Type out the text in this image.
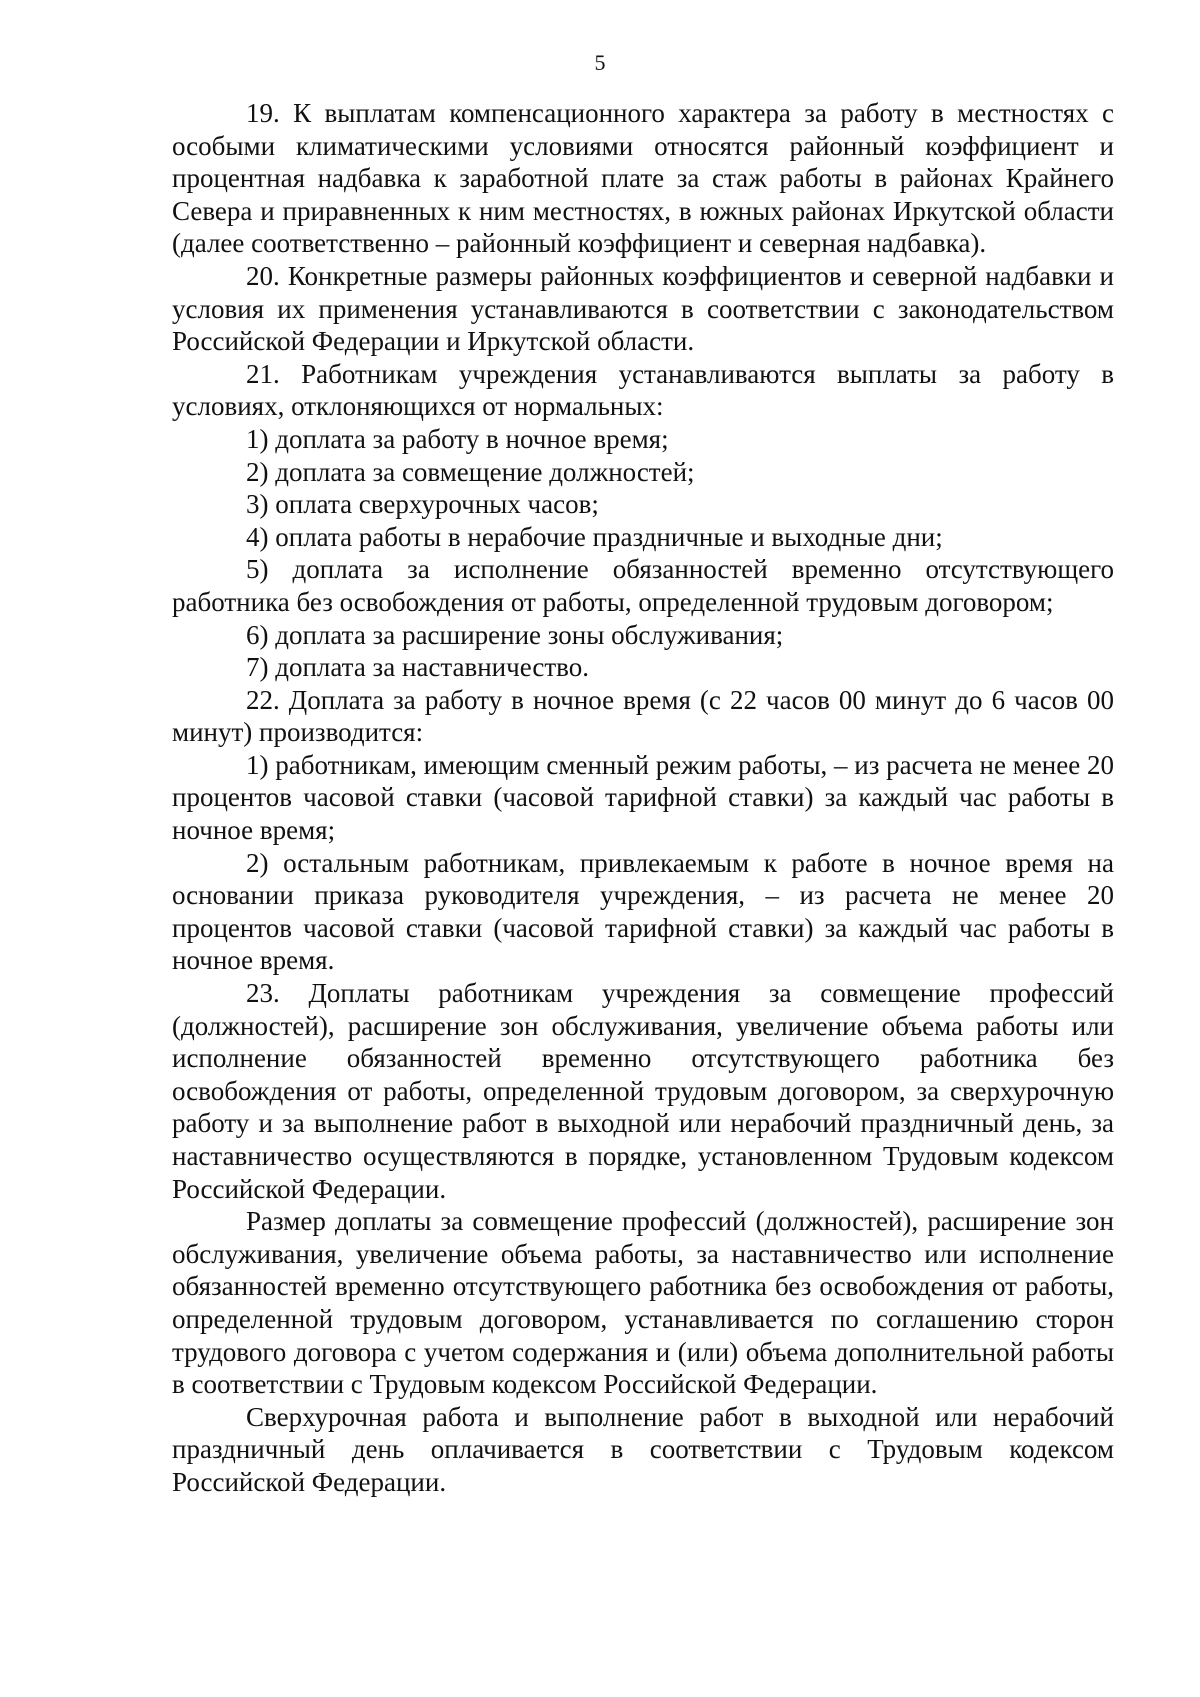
5

19. К выплатам компенсационного характера за работу в местностях с особыми климатическими условиями относятся районный коэффициент и процентная надбавка к заработной плате за стаж работы в районах Крайнего Севера и приравненных к ним местностях, в южных районах Иркутской области (далее соответственно – районный коэффициент и северная надбавка).

20. Конкретные размеры районных коэффициентов и северной надбавки и условия их применения устанавливаются в соответствии с законодательством Российской Федерации и Иркутской области.

21. Работникам учреждения устанавливаются выплаты за работу в условиях, отклоняющихся от нормальных:

1) доплата за работу в ночное время;

2) доплата за совмещение должностей;

3) оплата сверхурочных часов;

4) оплата работы в нерабочие праздничные и выходные дни;

5) доплата за исполнение обязанностей временно отсутствующего работника без освобождения от работы, определенной трудовым договором;

6) доплата за расширение зоны обслуживания;

7) доплата за наставничество.

22. Доплата за работу в ночное время (с 22 часов 00 минут до 6 часов 00 минут) производится:

1) работникам, имеющим сменный режим работы, – из расчета не менее 20 процентов часовой ставки (часовой тарифной ставки) за каждый час работы в ночное время;

2) остальным работникам, привлекаемым к работе в ночное время на основании приказа руководителя учреждения, – из расчета не менее 20 процентов часовой ставки (часовой тарифной ставки) за каждый час работы в ночное время.

23. Доплаты работникам учреждения за совмещение профессий (должностей), расширение зон обслуживания, увеличение объема работы или исполнение обязанностей временно отсутствующего работника без освобождения от работы, определенной трудовым договором, за сверхурочную работу и за выполнение работ в выходной или нерабочий праздничный день, за наставничество осуществляются в порядке, установленном Трудовым кодексом Российской Федерации.

Размер доплаты за совмещение профессий (должностей), расширение зон обслуживания, увеличение объема работы, за наставничество или исполнение обязанностей временно отсутствующего работника без освобождения от работы, определенной трудовым договором, устанавливается по соглашению сторон трудового договора с учетом содержания и (или) объема дополнительной работы в соответствии с Трудовым кодексом Российской Федерации.

Сверхурочная работа и выполнение работ в выходной или нерабочий праздничный день оплачивается в соответствии с Трудовым кодексом Российской Федерации.
